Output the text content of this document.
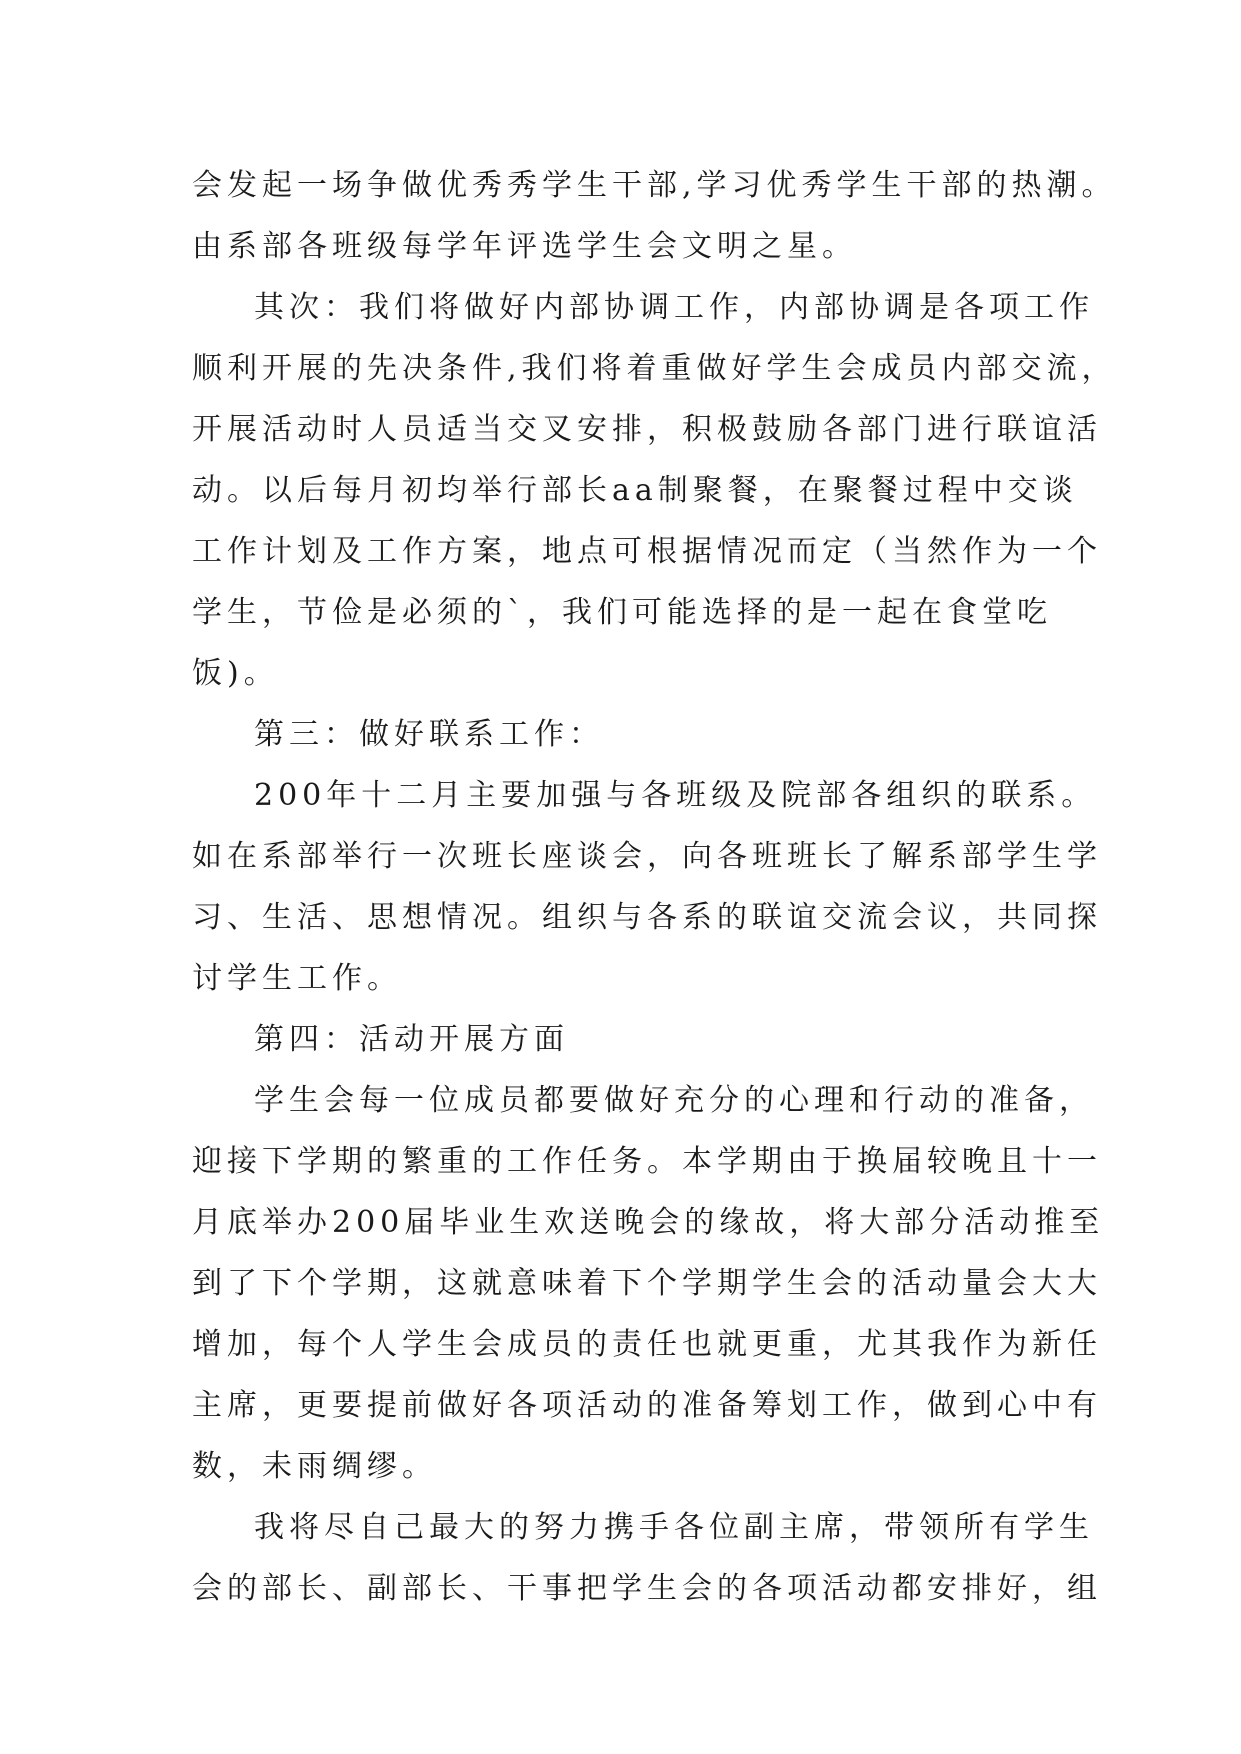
会发起一场争做优秀秀学生干部,学习优秀学生干部的热潮。
由系部各班级每学年评选学生会文明之星。
其次：我们将做好内部协调工作，内部协调是各项工作
顺利开展的先决条件,我们将着重做好学生会成员内部交流，
开展活动时人员适当交叉安排，积极鼓励各部门进行联谊活
动。以后每月初均举行部长aa制聚餐，在聚餐过程中交谈
工作计划及工作方案，地点可根据情况而定（当然作为一个
学生，节俭是必须的`，我们可能选择的是一起在食堂吃
饭)。
第三：做好联系工作：
200年十二月主要加强与各班级及院部各组织的联系。
如在系部举行一次班长座谈会，向各班班长了解系部学生学
习、生活、思想情况。组织与各系的联谊交流会议，共同探
讨学生工作。
第四：活动开展方面
学生会每一位成员都要做好充分的心理和行动的准备，
迎接下学期的繁重的工作任务。本学期由于换届较晚且十一
月底举办200届毕业生欢送晚会的缘故，将大部分活动推至
到了下个学期，这就意味着下个学期学生会的活动量会大大
增加，每个人学生会成员的责任也就更重，尤其我作为新任
主席，更要提前做好各项活动的准备筹划工作，做到心中有
数，未雨绸缪。
我将尽自己最大的努力携手各位副主席，带领所有学生
会的部长、副部长、干事把学生会的各项活动都安排好，组
